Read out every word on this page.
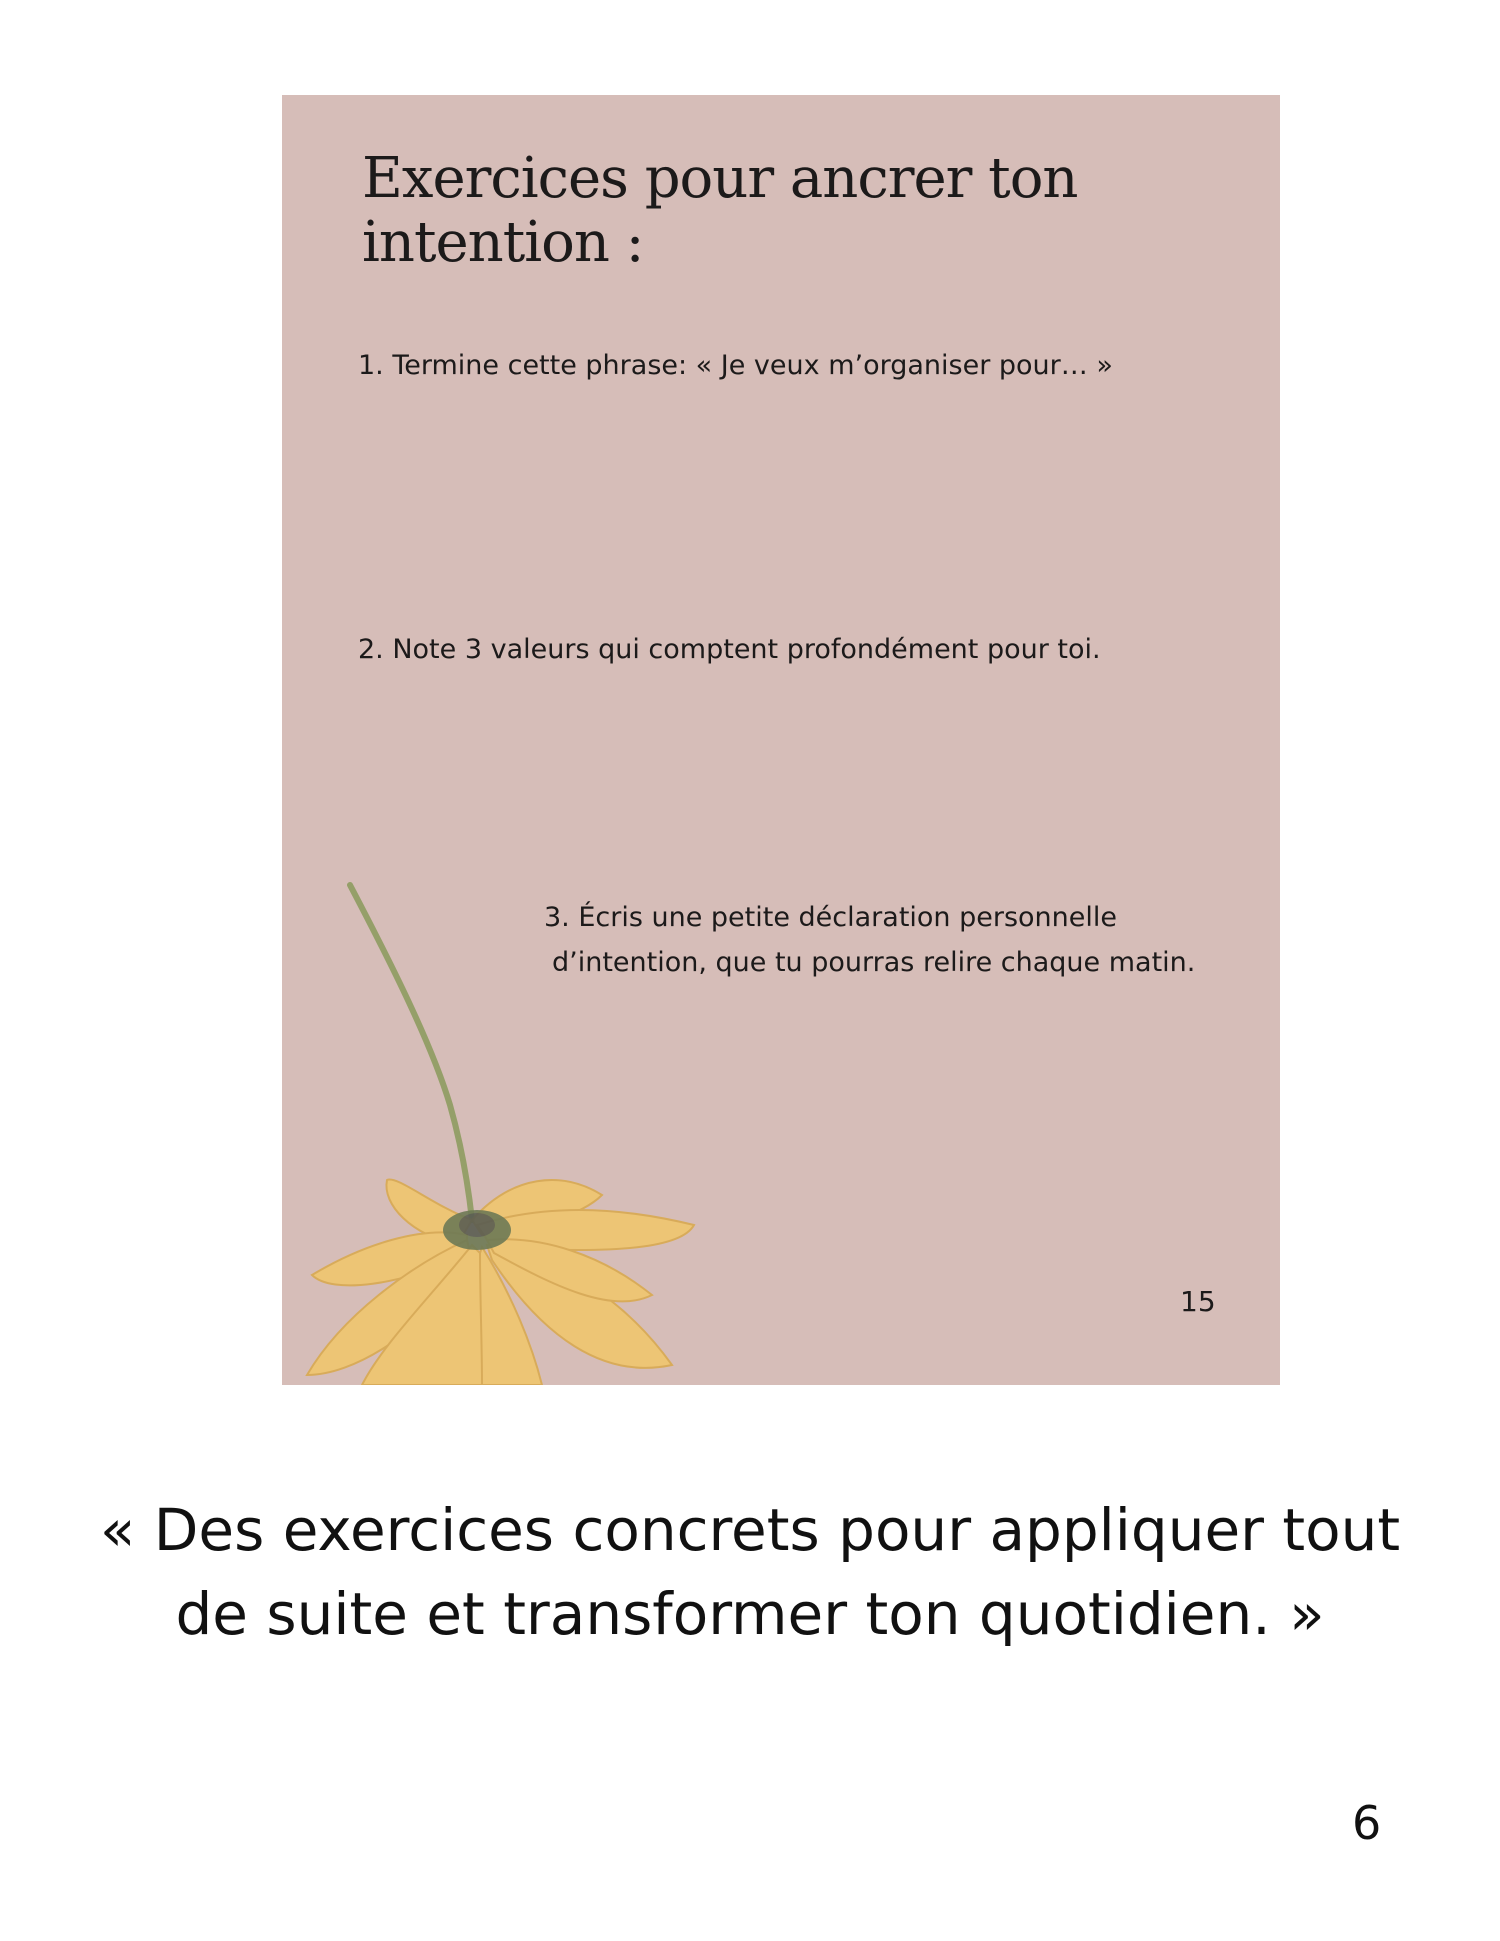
Exercices pour ancrer ton intention :

1. Termine cette phrase: « Je veux m’organiser pour… »

2. Note 3 valeurs qui comptent profondément pour toi.

3. Écris une petite déclaration personnelle
d’intention, que tu pourras relire chaque matin.

15

« Des exercices concrets pour appliquer tout de suite et transformer ton quotidien. »

6
